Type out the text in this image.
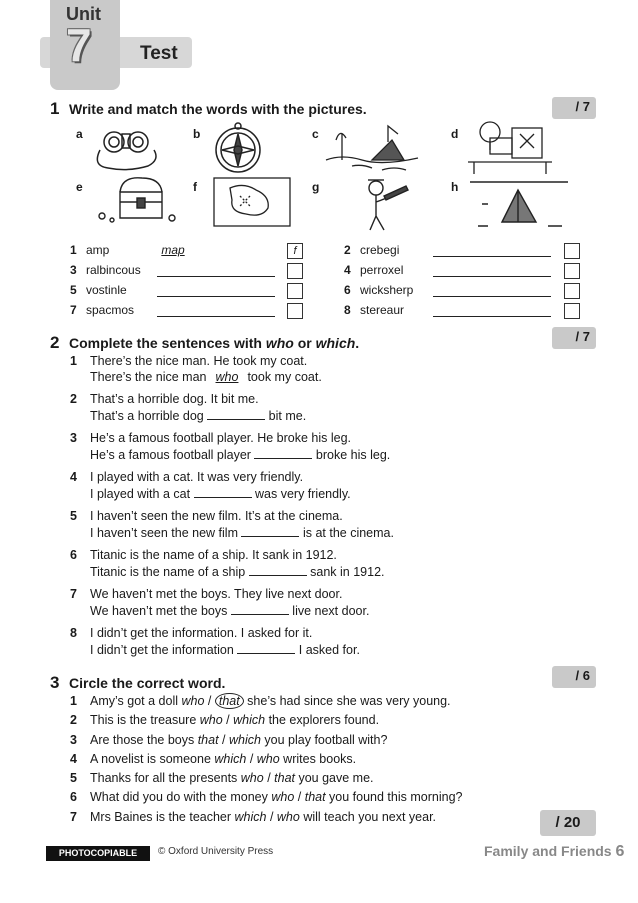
Unit
7	Test
1 Write and match the words with the pictures.	/ 7
a	b	c	d
e	f	g	h
1 amp	map	f	2 crebegi
3 ralbincous	4 perroxel
5 vostinle	6 wicksherp
7 spacmos	8 stereaur
2 Complete the sentences with who or which.	/ 7
1 There’s the nice man. He took my coat.
There’s the nice man who took my coat.
2 That’s a horrible dog. It bit me.
That’s a horrible dog	bit me.
3 He’s a famous football player. He broke his leg.
He’s a famous football player	broke his leg.
4 I played with a cat. It was very friendly.
I played with a cat	was very friendly.
5 I haven’t seen the new film. It’s at the cinema.
I haven’t seen the new film	is at the cinema.
6 Titanic is the name of a ship. It sank in 1912.
Titanic is the name of a ship	sank in 1912.
7 We haven’t met the boys. They live next door.
We haven’t met the boys	live next door.
8 I didn’t get the information. I asked for it.
I didn’t get the information	I asked for.
3 Circle the correct word.	/ 6
1 Amy’s got a doll who / that she’s had since she was very young.
2 This is the treasure who / which the explorers found.
3 Are those the boys that / which you play football with?
4 A novelist is someone which / who writes books.
5 Thanks for all the presents who / that you gave me.
6 What did you do with the money who / that you found this morning?
7 Mrs Baines is the teacher which / who will teach you next year.	/ 20
PHOTOCOPIABLE	© Oxford University Press	Family and Friends 6
